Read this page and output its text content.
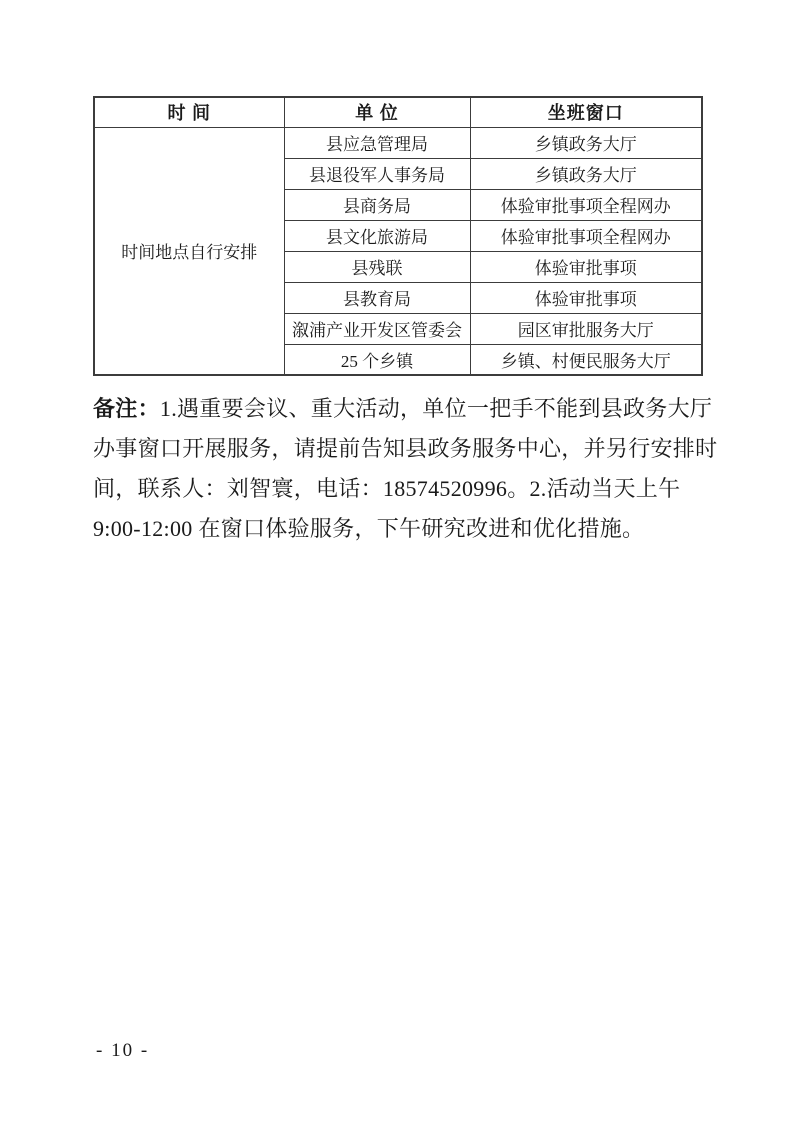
时 间	单 位	坐班窗口
时间地点自行安排	县应急管理局	乡镇政务大厅
	县退役军人事务局	乡镇政务大厅
	县商务局	体验审批事项全程网办
	县文化旅游局	体验审批事项全程网办
	县残联	体验审批事项
	县教育局	体验审批事项
	溆浦产业开发区管委会	园区审批服务大厅
	25 个乡镇	乡镇、村便民服务大厅
备注：1.遇重要会议、重大活动，单位一把手不能到县政务大厅
办事窗口开展服务，请提前告知县政务服务中心，并另行安排时
间，联系人：刘智寰，电话：18574520996。2.活动当天上午
9:00-12:00 在窗口体验服务，下午研究改进和优化措施。
- 10 -
